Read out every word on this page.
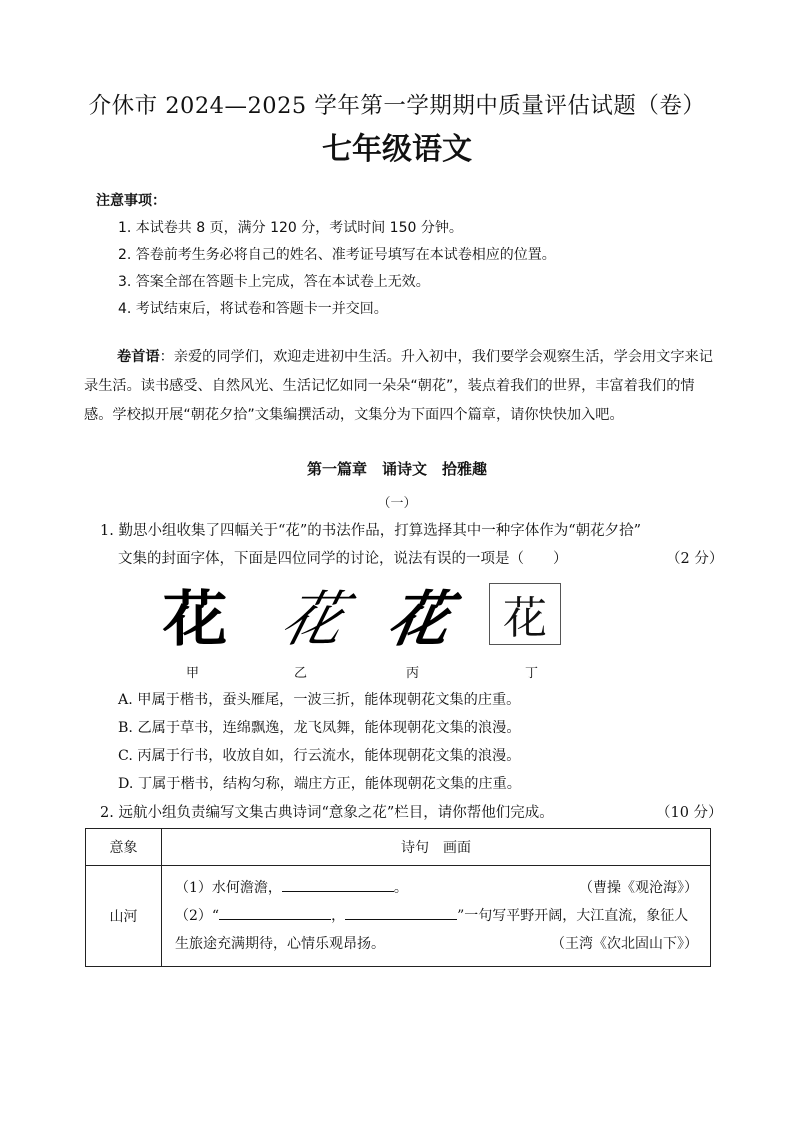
介休市 2024—2025 学年第一学期期中质量评估试题（卷）
七年级语文
注意事项：
1. 本试卷共 8 页，满分 120 分，考试时间 150 分钟。
2. 答卷前考生务必将自己的姓名、准考证号填写在本试卷相应的位置。
3. 答案全部在答题卡上完成，答在本试卷上无效。
4. 考试结束后，将试卷和答题卡一并交回。
卷首语：亲爱的同学们，欢迎走进初中生活。升入初中，我们要学会观察生活，学会用文字来记录生活。读书感受、自然风光、生活记忆如同一朵朵“朝花”，装点着我们的世界，丰富着我们的情感。学校拟开展“朝花夕拾”文集编撰活动，文集分为下面四个篇章，请你快快加入吧。
第一篇章　诵诗文　拾雅趣
（一）
1. 勤思小组收集了四幅关于“花”的书法作品，打算选择其中一种字体作为“朝花夕拾”
文集的封面字体，下面是四位同学的讨论，说法有误的一项是（　　）	（2 分）
花 花 花 花
甲	乙	丙	丁
A. 甲属于楷书，蚕头雁尾，一波三折，能体现朝花文集的庄重。
B. 乙属于草书，连绵飘逸，龙飞凤舞，能体现朝花文集的浪漫。
C. 丙属于行书，收放自如，行云流水，能体现朝花文集的浪漫。
D. 丁属于楷书，结构匀称，端庄方正，能体现朝花文集的庄重。
2. 远航小组负责编写文集古典诗词“意象之花”栏目，请你帮他们完成。	（10 分）
意象	诗句　画面
山河	（1）水何澹澹， 。 （曹操《观沧海》）
（2）“ ， ”一句写平野开阔，大江直流，象征人
生旅途充满期待，心情乐观昂扬。 （王湾《次北固山下》）
